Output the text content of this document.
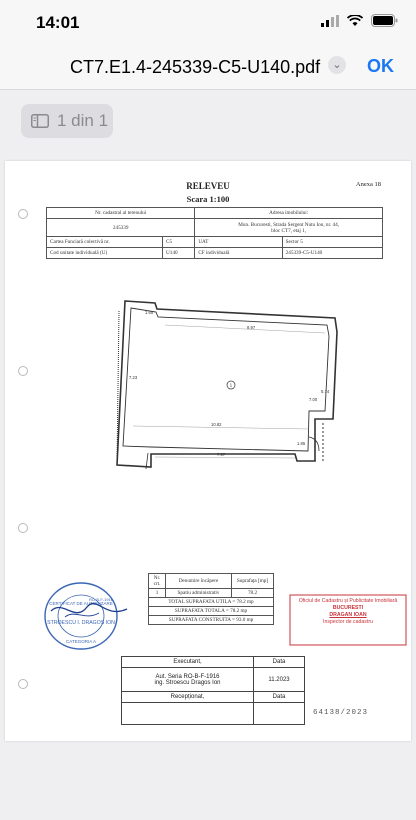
14:01
CT7.E1.4-245339-C5-U140.pdf	⌄ OK
1 din 1
RELEVEU
Scara 1:100
Anexa 18
Nr. cadastral al terenului		Adresa imobilului:	
245339		Mun. Bucuresti, Strada Sergent Nutu Ion, nr. 44,
bloc CT7, etaj 1,	
Cartea Funciară colectivă nr.	C5	UAT	Sector 5
Cod unitate individuală (U)	U140	CF individuală	245339-C5-U140
1.65
8.97
7.23
5.74
7.00
10.82
7.97
1.85
1
Nr. crt.	Denumire încăpere	Suprafața [mp]
1	Spatiu administrativ	78.2
TOTAL SUPRAFATA UTILA = 78.2 mp		
SUPRAFATA TOTALA = 78.2 mp		
SUPRAFATA CONSTRUITA = 93.0 mp		
CERTIFICAT DE AUTORIZARE
STROESCU I. DRAGOS ION
CATEGORIA A
RO-B-F-1916	Oficiul de Cadastru și Publicitate Imobiliară
BUCURESTI
DRAGAN IOAN
Inspector de cadastru
Executant,	Data
Aut. Seria RO-B-F-1916
ing. Stroescu Dragos Ion	11.2023
Recepționat,	Data

64138/2023
